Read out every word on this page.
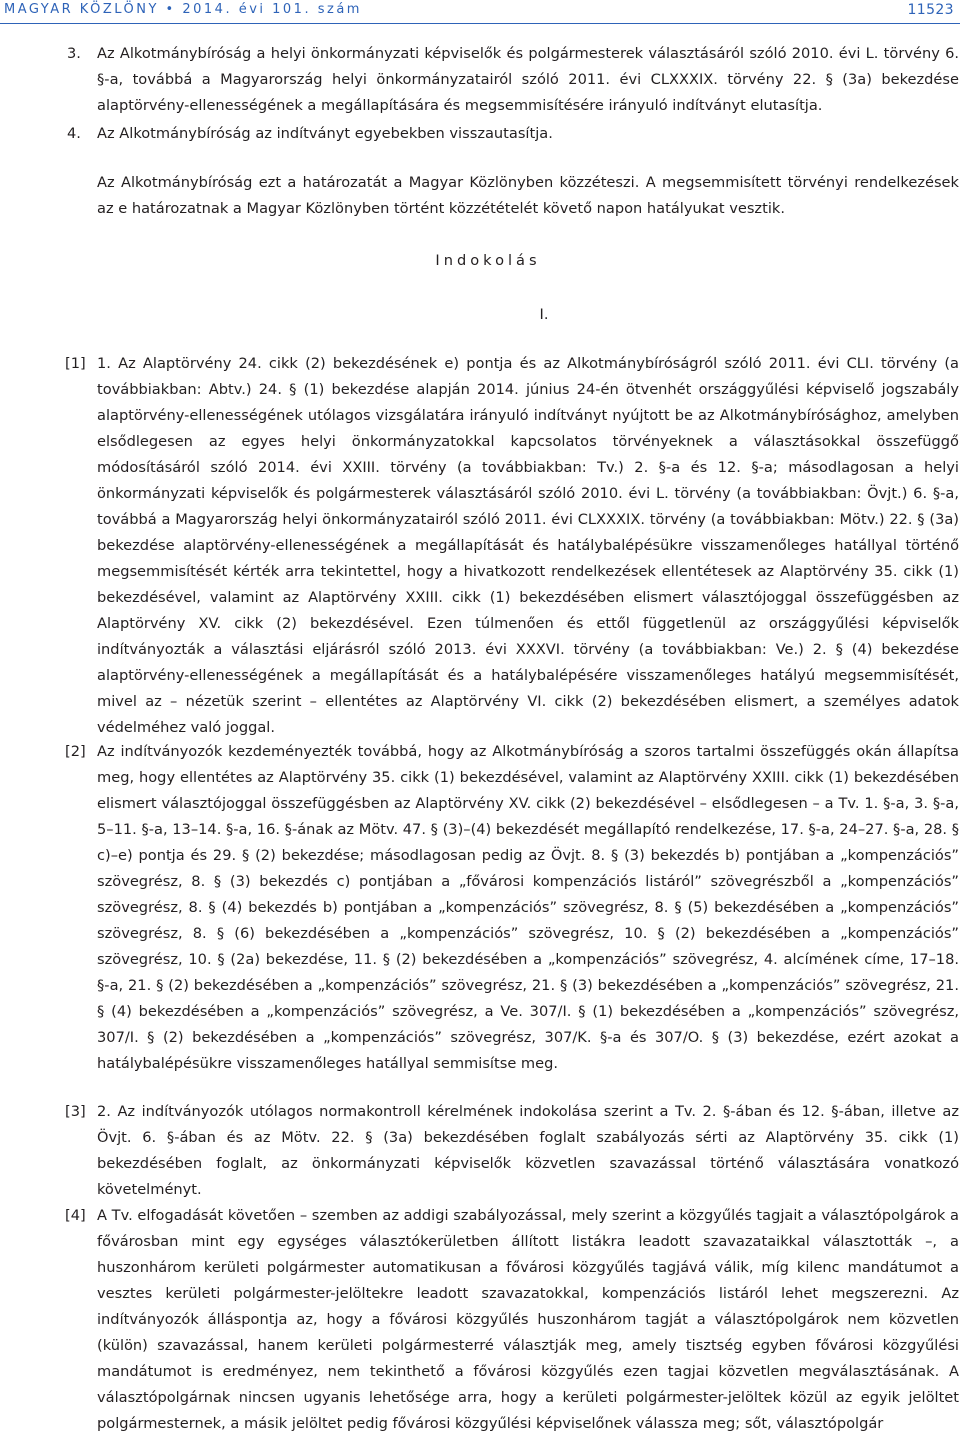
MAGYAR KÖZLÖNY • 2014. évi 101. szám	11523
3.	Az Alkotmánybíróság a helyi önkormányzati képviselők és polgármesterek választásáról szóló 2010. évi L. törvény 6. §-a, továbbá a Magyarország helyi önkormányzatairól szóló 2011. évi CLXXXIX. törvény 22. § (3a) bekezdése alaptörvény-ellenességének a megállapítására és megsemmisítésére irányuló indítványt elutasítja.
4.	Az Alkotmánybíróság az indítványt egyebekben visszautasítja.
Az Alkotmánybíróság ezt a határozatát a Magyar Közlönyben közzéteszi. A megsemmisített törvényi rendelkezések az e határozatnak a Magyar Közlönyben történt közzétételét követő napon hatályukat vesztik.
Indokolás
I.
[1] 1. Az Alaptörvény 24. cikk (2) bekezdésének e) pontja és az Alkotmánybíróságról szóló 2011. évi CLI. törvény (a továbbiakban: Abtv.) 24. § (1) bekezdése alapján 2014. június 24-én ötvenhét országgyűlési képviselő jogszabály alaptörvény-ellenességének utólagos vizsgálatára irányuló indítványt nyújtott be az Alkotmánybírósághoz, amelyben elsődlegesen az egyes helyi önkormányzatokkal kapcsolatos törvényeknek a választásokkal összefüggő módosításáról szóló 2014. évi XXIII. törvény (a továbbiakban: Tv.) 2. §-a és 12. §-a; másodlagosan a helyi önkormányzati képviselők és polgármesterek választásáról szóló 2010. évi L. törvény (a továbbiakban: Övjt.) 6. §-a, továbbá a Magyarország helyi önkormányzatairól szóló 2011. évi CLXXXIX. törvény (a továbbiakban: Mötv.) 22. § (3a) bekezdése alaptörvény-ellenességének a megállapítását és hatálybalépésükre visszamenőleges hatállyal történő megsemmisítését kérték arra tekintettel, hogy a hivatkozott rendelkezések ellentétesek az Alaptörvény 35. cikk (1) bekezdésével, valamint az Alaptörvény XXIII. cikk (1) bekezdésében elismert választójoggal összefüggésben az Alaptörvény XV. cikk (2) bekezdésével. Ezen túlmenően és ettől függetlenül az országgyűlési képviselők indítványozták a választási eljárásról szóló 2013. évi XXXVI. törvény (a továbbiakban: Ve.) 2. § (4) bekezdése alaptörvény-ellenességének a megállapítását és a hatálybalépésére visszamenőleges hatályú megsemmisítését, mivel az – nézetük szerint – ellentétes az Alaptörvény VI. cikk (2) bekezdésében elismert, a személyes adatok védelméhez való joggal.
[2] Az indítványozók kezdeményezték továbbá, hogy az Alkotmánybíróság a szoros tartalmi összefüggés okán állapítsa meg, hogy ellentétes az Alaptörvény 35. cikk (1) bekezdésével, valamint az Alaptörvény XXIII. cikk (1) bekezdésében elismert választójoggal összefüggésben az Alaptörvény XV. cikk (2) bekezdésével – elsődlegesen – a Tv. 1. §-a, 3. §-a, 5–11. §-a, 13–14. §-a, 16. §-ának az Mötv. 47. § (3)–(4) bekezdését megállapító rendelkezése, 17. §-a, 24–27. §-a, 28. § c)–e) pontja és 29. § (2) bekezdése; másodlagosan pedig az Övjt. 8. § (3) bekezdés b) pontjában a „kompenzációs” szövegrész, 8. § (3) bekezdés c) pontjában a „fővárosi kompenzációs listáról” szövegrészből a „kompenzációs” szövegrész, 8. § (4) bekezdés b) pontjában a „kompenzációs” szövegrész, 8. § (5) bekezdésében a „kompenzációs” szövegrész, 8. § (6) bekezdésében a „kompenzációs” szövegrész, 10. § (2) bekezdésében a „kompenzációs” szövegrész, 10. § (2a) bekezdése, 11. § (2) bekezdésében a „kompenzációs” szövegrész, 4. alcímének címe, 17–18. §-a, 21. § (2) bekezdésében a „kompenzációs” szövegrész, 21. § (3) bekezdésében a „kompenzációs” szövegrész, 21. § (4) bekezdésében a „kompenzációs” szövegrész, a Ve. 307/I. § (1) bekezdésében a „kompenzációs” szövegrész, 307/I. § (2) bekezdésében a „kompenzációs” szövegrész, 307/K. §-a és 307/O. § (3) bekezdése, ezért azokat a hatálybalépésükre visszamenőleges hatállyal semmisítse meg.
[3] 2. Az indítványozók utólagos normakontroll kérelmének indokolása szerint a Tv. 2. §-ában és 12. §-ában, illetve az Övjt. 6. §-ában és az Mötv. 22. § (3a) bekezdésében foglalt szabályozás sérti az Alaptörvény 35. cikk (1) bekezdésében foglalt, az önkormányzati képviselők közvetlen szavazással történő választására vonatkozó követelményt.
[4] A Tv. elfogadását követően – szemben az addigi szabályozással, mely szerint a közgyűlés tagjait a választópolgárok a fővárosban mint egy egységes választókerületben állított listákra leadott szavazataikkal választották –, a huszonhárom kerületi polgármester automatikusan a fővárosi közgyűlés tagjává válik, míg kilenc mandátumot a vesztes kerületi polgármester-jelöltekre leadott szavazatokkal, kompenzációs listáról lehet megszerezni. Az indítványozók álláspontja az, hogy a fővárosi közgyűlés huszonhárom tagját a választópolgárok nem közvetlen (külön) szavazással, hanem kerületi polgármesterré választják meg, amely tisztség egyben fővárosi közgyűlési mandátumot is eredményez, nem tekinthető a fővárosi közgyűlés ezen tagjai közvetlen megválasztásának. A választópolgárnak nincsen ugyanis lehetősége arra, hogy a kerületi polgármester-jelöltek közül az egyik jelöltet polgármesternek, a másik jelöltet pedig fővárosi közgyűlési képviselőnek válassza meg; sőt, választópolgár
